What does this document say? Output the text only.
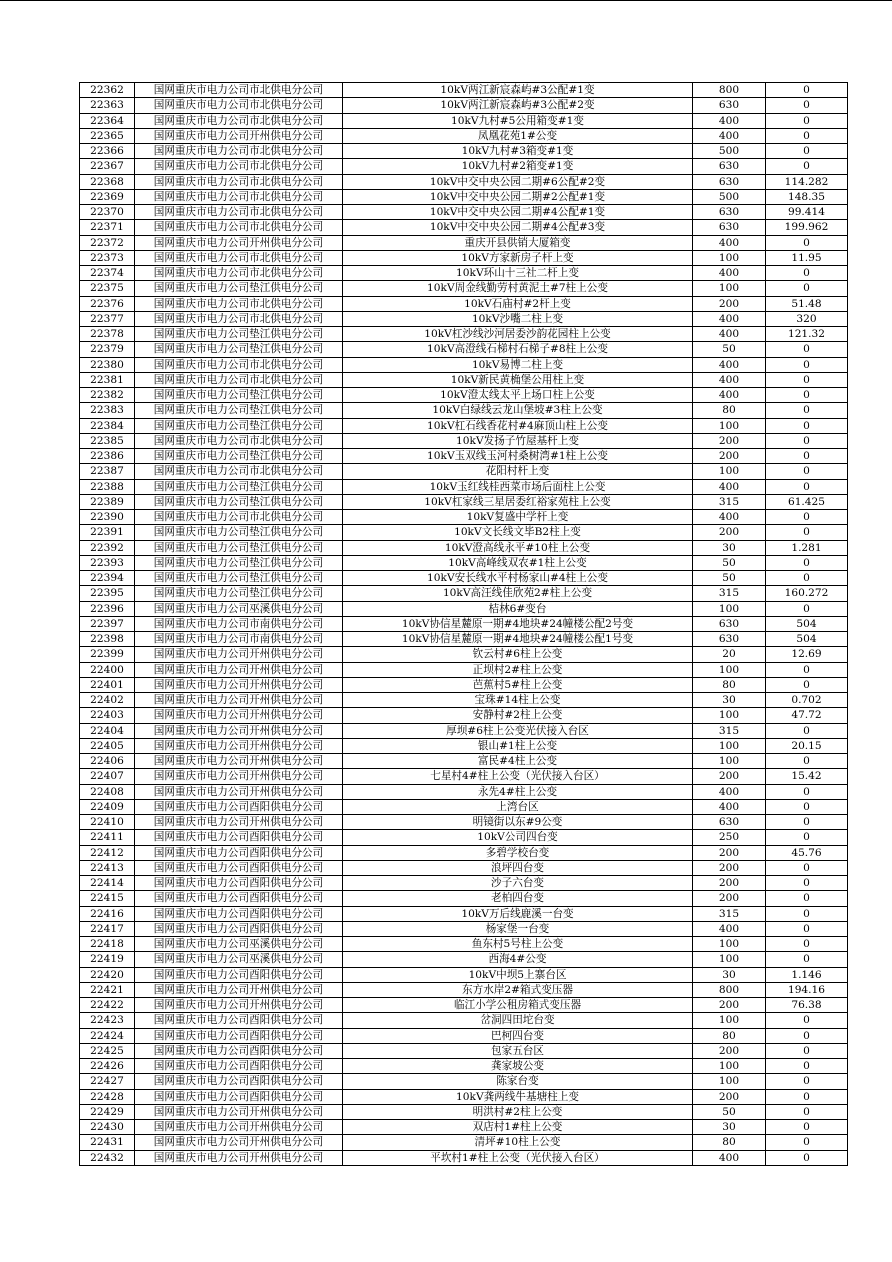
22362	国网重庆市电力公司市北供电分公司	10kV两江新宸森屿#3公配#1变	800	0
22363	国网重庆市电力公司市北供电分公司	10kV两江新宸森屿#3公配#2变	630	0
22364	国网重庆市电力公司市北供电分公司	10kV九村#5公用箱变#1变	400	0
22365	国网重庆市电力公司开州供电分公司	凤凰花苑1#公变	400	0
22366	国网重庆市电力公司市北供电分公司	10kV九村#3箱变#1变	500	0
22367	国网重庆市电力公司市北供电分公司	10kV九村#2箱变#1变	630	0
22368	国网重庆市电力公司市北供电分公司	10kV中交中央公园二期#6公配#2变	630	114.282
22369	国网重庆市电力公司市北供电分公司	10kV中交中央公园二期#2公配#1变	500	148.35
22370	国网重庆市电力公司市北供电分公司	10kV中交中央公园二期#4公配#1变	630	99.414
22371	国网重庆市电力公司市北供电分公司	10kV中交中央公园二期#4公配#3变	630	199.962
22372	国网重庆市电力公司开州供电分公司	重庆开县供销大厦箱变	400	0
22373	国网重庆市电力公司市北供电分公司	10kV方家新房子杆上变	100	11.95
22374	国网重庆市电力公司市北供电分公司	10kV环山十三社二杆上变	400	0
22375	国网重庆市电力公司垫江供电分公司	10kV周金线勤劳村黄泥土#7柱上公变	100	0
22376	国网重庆市电力公司市北供电分公司	10kV石庙村#2杆上变	200	51.48
22377	国网重庆市电力公司市北供电分公司	10kV沙嘴二柱上变	400	320
22378	国网重庆市电力公司垫江供电分公司	10kV杠沙线沙河居委沙韵花园柱上公变	400	121.32
22379	国网重庆市电力公司垫江供电分公司	10kV高澄线石梯村石梯子#8柱上公变	50	0
22380	国网重庆市电力公司市北供电分公司	10kV易博二柱上变	400	0
22381	国网重庆市电力公司市北供电分公司	10kV新民黄桷堡公用柱上变	400	0
22382	国网重庆市电力公司垫江供电分公司	10kV澄太线太平上场口柱上公变	400	0
22383	国网重庆市电力公司垫江供电分公司	10kV白绿线云龙山堡坡#3柱上公变	80	0
22384	国网重庆市电力公司垫江供电分公司	10kV杠石线香花村#4麻顶山柱上公变	100	0
22385	国网重庆市电力公司市北供电分公司	10kV发扬子竹屋基杆上变	200	0
22386	国网重庆市电力公司垫江供电分公司	10kV玉双线玉河村桑树湾#1柱上公变	200	0
22387	国网重庆市电力公司市北供电分公司	花阳村杆上变	100	0
22388	国网重庆市电力公司垫江供电分公司	10kV玉红线桂西菜市场后面柱上公变	400	0
22389	国网重庆市电力公司垫江供电分公司	10kV杠家线三星居委红裕家苑柱上公变	315	61.425
22390	国网重庆市电力公司市北供电分公司	10kV复盛中学杆上变	400	0
22391	国网重庆市电力公司垫江供电分公司	10kV文长线文毕B2柱上变	200	0
22392	国网重庆市电力公司垫江供电分公司	10kV澄高线永平#10柱上公变	30	1.281
22393	国网重庆市电力公司垫江供电分公司	10kV高峰线双农#1柱上公变	50	0
22394	国网重庆市电力公司垫江供电分公司	10kV安长线水平村杨家山#4柱上公变	50	0
22395	国网重庆市电力公司垫江供电分公司	10kV高汪线佳欣苑2#柱上公变	315	160.272
22396	国网重庆市电力公司巫溪供电分公司	桔林6#变台	100	0
22397	国网重庆市电力公司市南供电分公司	10kV协信星麓原一期#4地块#24幢楼公配2号变	630	504
22398	国网重庆市电力公司市南供电分公司	10kV协信星麓原一期#4地块#24幢楼公配1号变	630	504
22399	国网重庆市电力公司开州供电分公司	钦云村#6柱上公变	20	12.69
22400	国网重庆市电力公司开州供电分公司	正坝村2#柱上公变	100	0
22401	国网重庆市电力公司开州供电分公司	芭蕉村5#柱上公变	80	0
22402	国网重庆市电力公司开州供电分公司	宝珠#14柱上公变	30	0.702
22403	国网重庆市电力公司开州供电分公司	安静村#2柱上公变	100	47.72
22404	国网重庆市电力公司开州供电分公司	厚坝#6柱上公变光伏接入台区	315	0
22405	国网重庆市电力公司开州供电分公司	银山#1柱上公变	100	20.15
22406	国网重庆市电力公司开州供电分公司	富民#4柱上公变	100	0
22407	国网重庆市电力公司开州供电分公司	七星村4#柱上公变（光伏接入台区）	200	15.42
22408	国网重庆市电力公司开州供电分公司	永先4#柱上公变	400	0
22409	国网重庆市电力公司酉阳供电分公司	上湾台区	400	0
22410	国网重庆市电力公司开州供电分公司	明镜街以东#9公变	630	0
22411	国网重庆市电力公司酉阳供电分公司	10kV公司四台变	250	0
22412	国网重庆市电力公司酉阳供电分公司	多碧学校台变	200	45.76
22413	国网重庆市电力公司酉阳供电分公司	浪坪四台变	200	0
22414	国网重庆市电力公司酉阳供电分公司	沙子六台变	200	0
22415	国网重庆市电力公司酉阳供电分公司	老柏四台变	200	0
22416	国网重庆市电力公司酉阳供电分公司	10kV万后线鹿溪一台变	315	0
22417	国网重庆市电力公司酉阳供电分公司	杨家堡一台变	400	0
22418	国网重庆市电力公司巫溪供电分公司	鱼东村5号柱上公变	100	0
22419	国网重庆市电力公司巫溪供电分公司	西海4#公变	100	0
22420	国网重庆市电力公司酉阳供电分公司	10kV中坝5上寨台区	30	1.146
22421	国网重庆市电力公司开州供电分公司	东方水岸2#箱式变压器	800	194.16
22422	国网重庆市电力公司开州供电分公司	临江小学公租房箱式变压器	200	76.38
22423	国网重庆市电力公司酉阳供电分公司	岔洞四田坨台变	100	0
22424	国网重庆市电力公司酉阳供电分公司	巴柯四台变	80	0
22425	国网重庆市电力公司酉阳供电分公司	包家五台区	200	0
22426	国网重庆市电力公司酉阳供电分公司	龚家坡公变	100	0
22427	国网重庆市电力公司酉阳供电分公司	陈家台变	100	0
22428	国网重庆市电力公司酉阳供电分公司	10kV龚两线牛基塘柱上变	200	0
22429	国网重庆市电力公司开州供电分公司	明洪村#2柱上公变	50	0
22430	国网重庆市电力公司开州供电分公司	双店村1#柱上公变	30	0
22431	国网重庆市电力公司开州供电分公司	清坪#10柱上公变	80	0
22432	国网重庆市电力公司开州供电分公司	平坎村1#柱上公变（光伏接入台区）	400	0
